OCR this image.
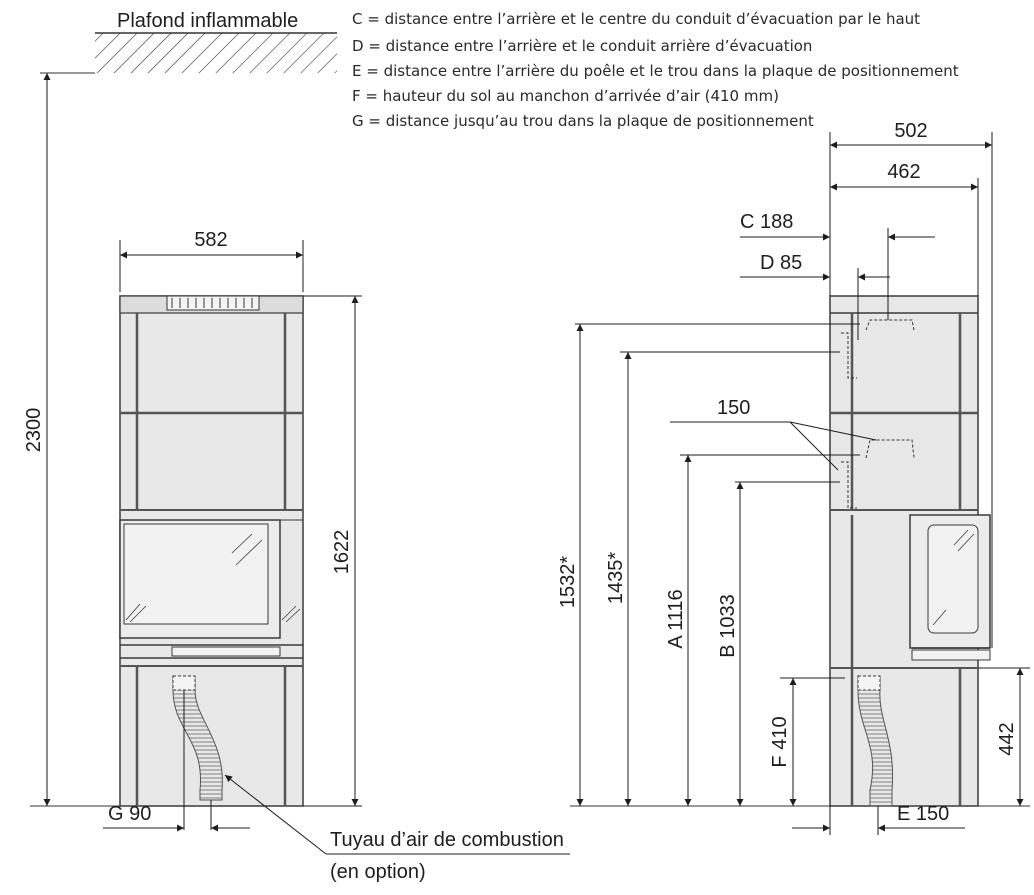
Plafond inflammable	C = distance entre l’arrière et le centre du conduit d’évacuation par le haut
D = distance entre l’arrière et le conduit arrière d’évacuation
E = distance entre l’arrière du poêle et le trou dans la plaque de positionnement
F = hauteur du sol au manchon d’arrivée d’air (410 mm)
G = distance jusqu’au trou dans la plaque de positionnement
2300
582
1622
G 90
Tuyau d’air de combustion
(en option)
502
462
C 188
D 85
150
1532* 1435*
A 1116 B 1033
F 410	442
E 150
